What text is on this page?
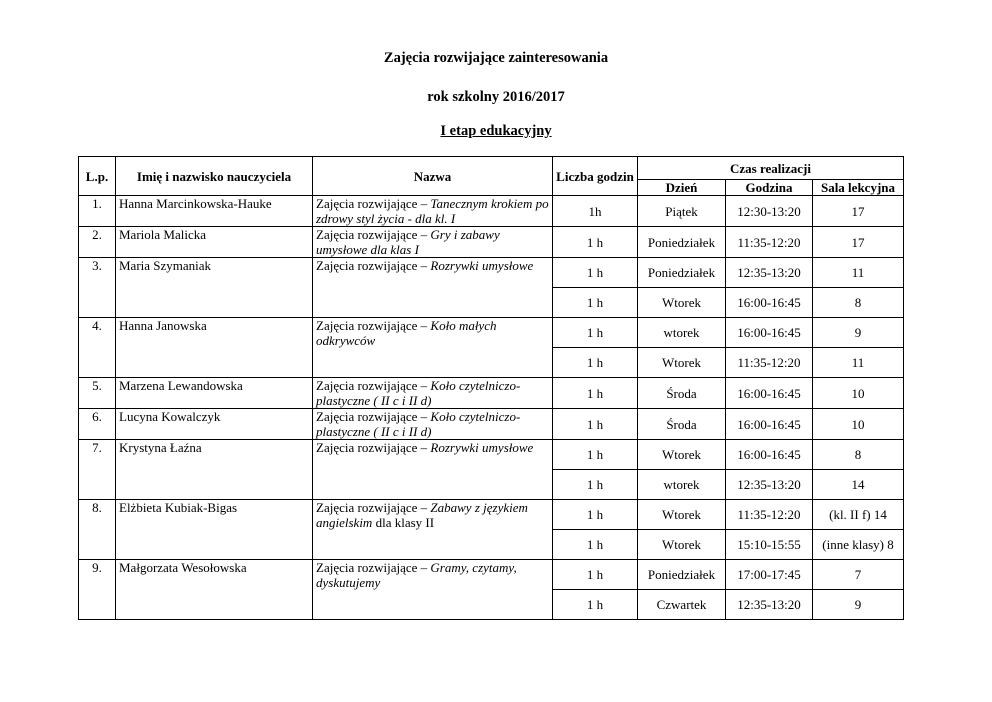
Zajęcia rozwijające zainteresowania
rok szkolny 2016/2017
I etap edukacyjny
L.p.	Imię i nazwisko nauczyciela	Nazwa	Liczba godzin	Czas realizacji		
				Dzień	Godzina	Sala lekcyjna
1.	Hanna Marcinkowska-Hauke	Zajęcia rozwijające – Tanecznym krokiem po zdrowy styl życia - dla kl. I	1h	Piątek	12:30-13:20	17
2.	Mariola Malicka	Zajęcia rozwijające – Gry i zabawy umysłowe dla klas I	1 h	Poniedziałek	11:35-12:20	17
3.	Maria Szymaniak	Zajęcia rozwijające – Rozrywki umysłowe	1 h	Poniedziałek	12:35-13:20	11
			1 h	Wtorek	16:00-16:45	8
4.	Hanna Janowska	Zajęcia rozwijające – Koło małych odkrywców	1 h	wtorek	16:00-16:45	9
			1 h	Wtorek	11:35-12:20	11
5.	Marzena Lewandowska	Zajęcia rozwijające – Koło czytelniczo-plastyczne ( II c i II d)	1 h	Środa	16:00-16:45	10
6.	Lucyna Kowalczyk	Zajęcia rozwijające – Koło czytelniczo-plastyczne ( II c i II d)	1 h	Środa	16:00-16:45	10
7.	Krystyna Łaźna	Zajęcia rozwijające – Rozrywki umysłowe	1 h	Wtorek	16:00-16:45	8
			1 h	wtorek	12:35-13:20	14
8.	Elżbieta Kubiak-Bigas	Zajęcia rozwijające – Zabawy z językiem angielskim dla klasy II	1 h	Wtorek	11:35-12:20	(kl. II f) 14
			1 h	Wtorek	15:10-15:55	(inne klasy) 8
9.	Małgorzata Wesołowska	Zajęcia rozwijające – Gramy, czytamy, dyskutujemy	1 h	Poniedziałek	17:00-17:45	7
			1 h	Czwartek	12:35-13:20	9
